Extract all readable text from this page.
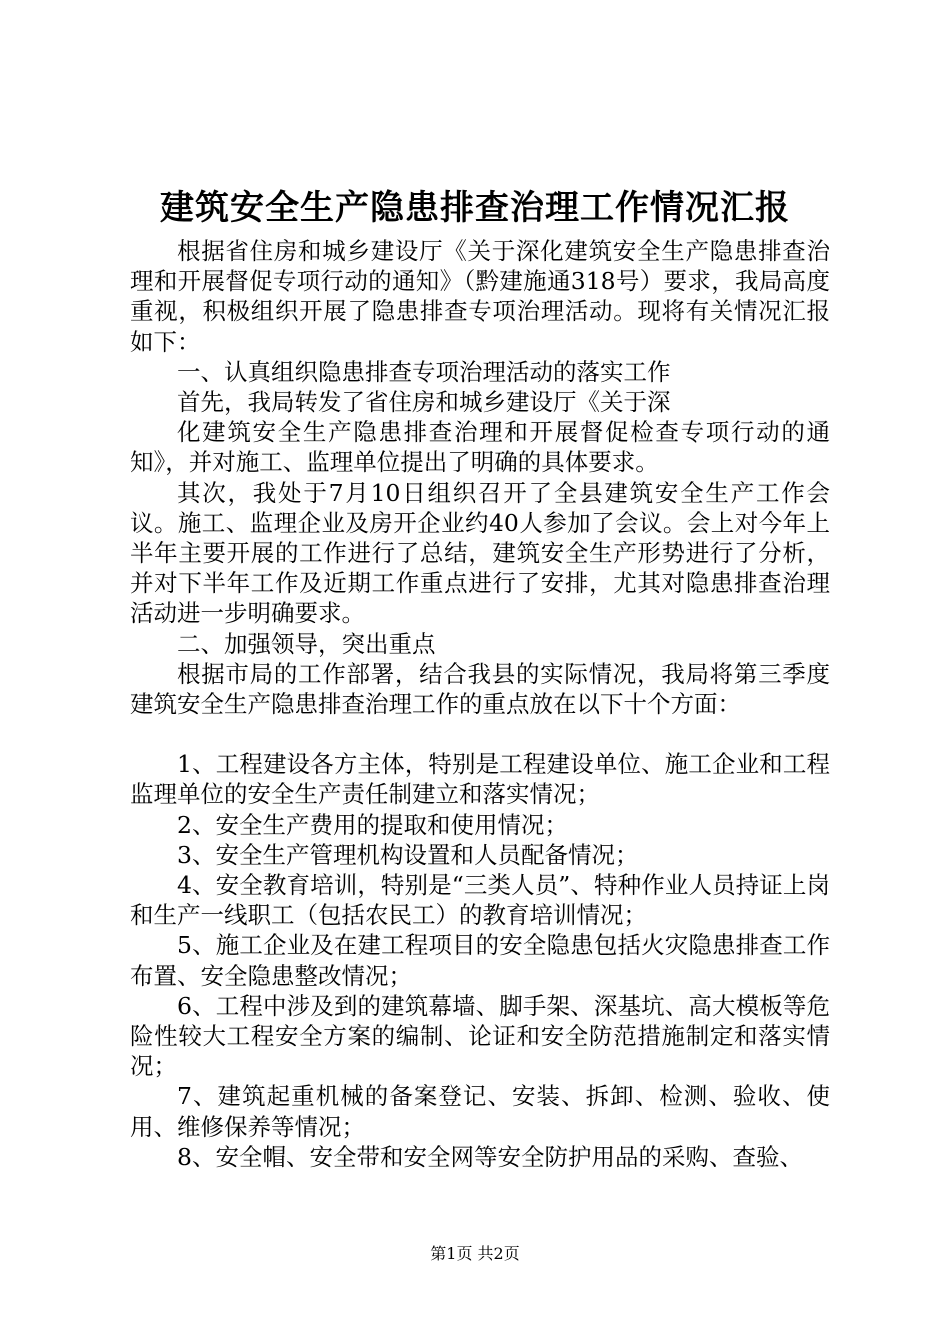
建筑安全生产隐患排查治理工作情况汇报

根据省住房和城乡建设厅《关于深化建筑安全生产隐患排查治理和开展督促专项行动的通知》（黔建施通318号）要求，我局高度重视，积极组织开展了隐患排查专项治理活动。现将有关情况汇报如下：

一、认真组织隐患排查专项治理活动的落实工作

首先，我局转发了省住房和城乡建设厅《关于深

化建筑安全生产隐患排查治理和开展督促检查专项行动的通知》，并对施工、监理单位提出了明确的具体要求。

其次，我处于7月10日组织召开了全县建筑安全生产工作会议。施工、监理企业及房开企业约40人参加了会议。会上对今年上半年主要开展的工作进行了总结，建筑安全生产形势进行了分析，并对下半年工作及近期工作重点进行了安排，尤其对隐患排查治理活动进一步明确要求。

二、加强领导，突出重点

根据市局的工作部署，结合我县的实际情况，我局将第三季度建筑安全生产隐患排查治理工作的重点放在以下十个方面：

1、工程建设各方主体，特别是工程建设单位、施工企业和工程监理单位的安全生产责任制建立和落实情况；

2、安全生产费用的提取和使用情况；

3、安全生产管理机构设置和人员配备情况；

4、安全教育培训，特别是“三类人员”、特种作业人员持证上岗和生产一线职工（包括农民工）的教育培训情况；

5、施工企业及在建工程项目的安全隐患包括火灾隐患排查工作布置、安全隐患整改情况；

6、工程中涉及到的建筑幕墙、脚手架、深基坑、高大模板等危险性较大工程安全方案的编制、论证和安全防范措施制定和落实情况；

7、建筑起重机械的备案登记、安装、拆卸、检测、验收、使用、维修保养等情况；

8、安全帽、安全带和安全网等安全防护用品的采购、查验、

第1页 共2页
